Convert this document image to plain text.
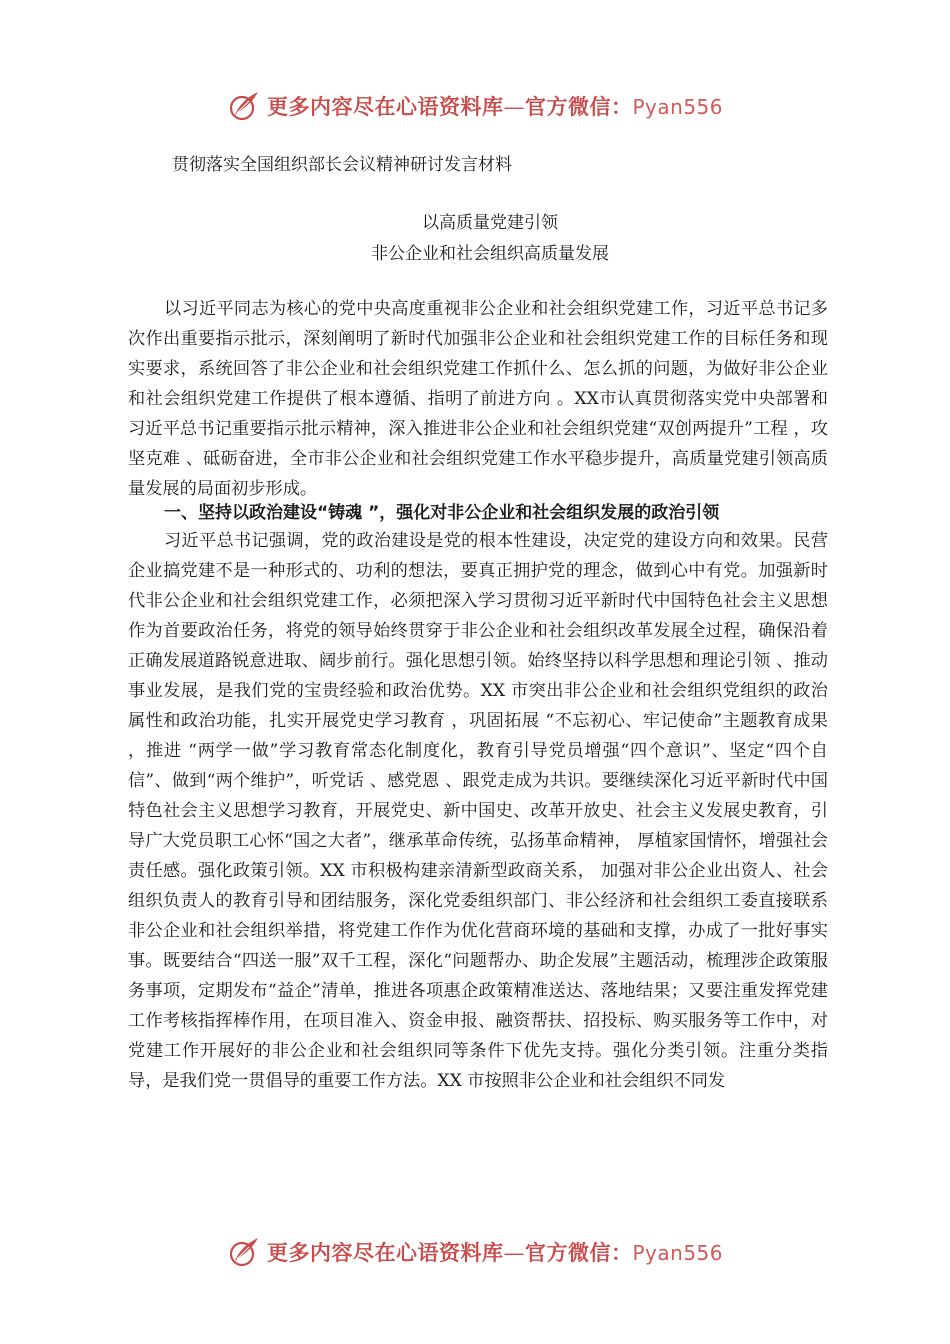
更多内容尽在心语资料库—官方微信：Pyan556
贯彻落实全国组织部长会议精神研讨发言材料
以高质量党建引领
非公企业和社会组织高质量发展

以习近平同志为核心的党中央高度重视非公企业和社会组织党建工作，习近平总书记多次作出重要指示批示，深刻阐明了新时代加强非公企业和社会组织党建工作的目标任务和现实要求，系统回答了非公企业和社会组织党建工作抓什么、怎么抓的问题，为做好非公企业和社会组织党建工作提供了根本遵循、指明了前进方向 。XX市认真贯彻落实党中央部署和习近平总书记重要指示批示精神，深入推进非公企业和社会组织党建“双创两提升”工程 ，攻坚克难 、砥砺奋进，全市非公企业和社会组织党建工作水平稳步提升，高质量党建引领高质量发展的局面初步形成。

一、坚持以政治建设“铸魂 ”，强化对非公企业和社会组织发展的政治引领

习近平总书记强调，党的政治建设是党的根本性建设，决定党的建设方向和效果。民营企业搞党建不是一种形式的、功利的想法，要真正拥护党的理念，做到心中有党。加强新时代非公企业和社会组织党建工作，必须把深入学习贯彻习近平新时代中国特色社会主义思想作为首要政治任务，将党的领导始终贯穿于非公企业和社会组织改革发展全过程，确保沿着正确发展道路锐意进取、阔步前行。强化思想引领。始终坚持以科学思想和理论引领 、推动事业发展，是我们党的宝贵经验和政治优势。XX 市突出非公企业和社会组织党组织的政治属性和政治功能，扎实开展党史学习教育 ，巩固拓展 “不忘初心、牢记使命”主题教育成果 ，推进 “两学一做”学习教育常态化制度化，教育引导党员增强“四个意识”、坚定“四个自信”、做到“两个维护”，听党话 、感党恩 、跟党走成为共识。要继续深化习近平新时代中国特色社会主义思想学习教育，开展党史、新中国史、改革开放史、社会主义发展史教育，引导广大党员职工心怀“国之大者”，继承革命传统，弘扬革命精神， 厚植家国情怀，增强社会责任感。强化政策引领。XX 市积极构建亲清新型政商关系， 加强对非公企业出资人、社会组织负责人的教育引导和团结服务，深化党委组织部门、非公经济和社会组织工委直接联系非公企业和社会组织举措，将党建工作作为优化营商环境的基础和支撑，办成了一批好事实事。既要结合“四送一服”双千工程，深化“问题帮办、助企发展”主题活动，梳理涉企政策服务事项，定期发布“益企”清单，推进各项惠企政策精准送达、落地结果；又要注重发挥党建工作考核指挥棒作用，在项目准入、资金申报、融资帮扶、招投标、购买服务等工作中，对党建工作开展好的非公企业和社会组织同等条件下优先支持。强化分类引领。注重分类指导，是我们党一贯倡导的重要工作方法。XX 市按照非公企业和社会组织不同发

更多内容尽在心语资料库—官方微信：Pyan556
